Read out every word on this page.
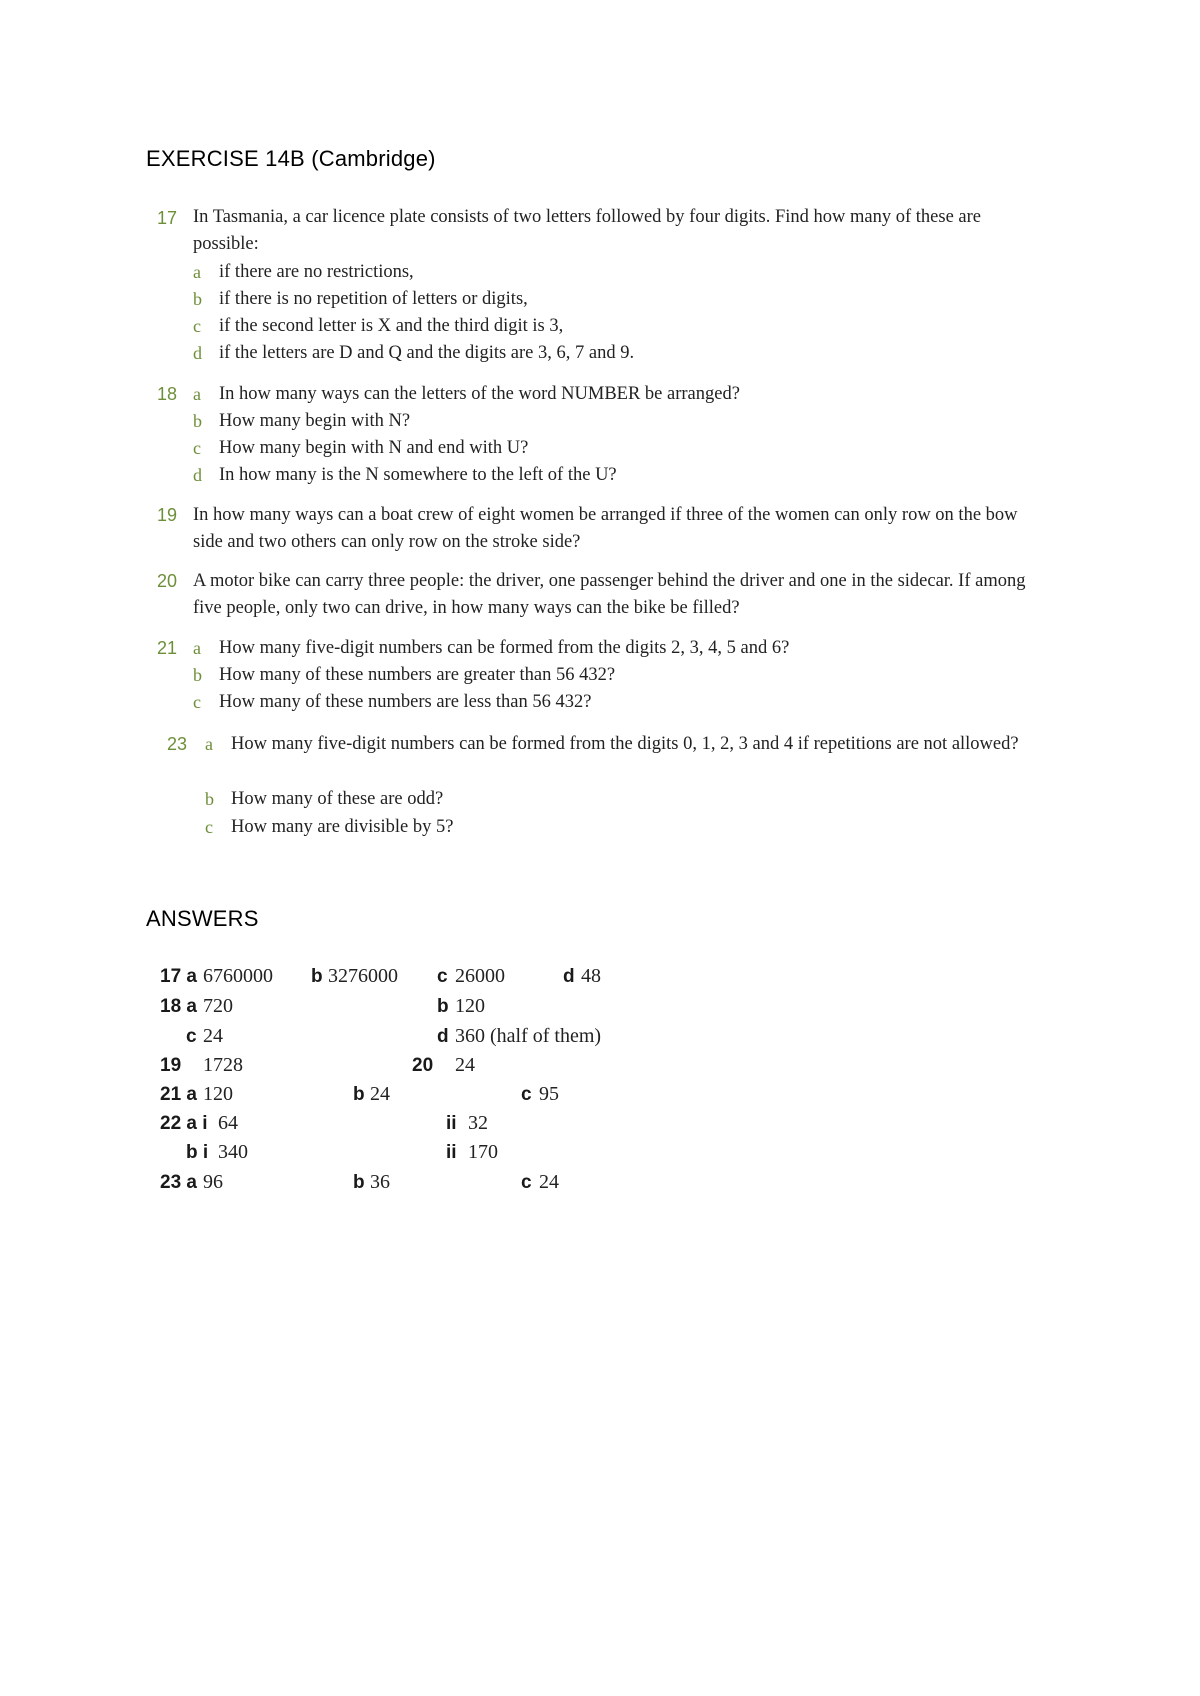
EXERCISE 14B (Cambridge)
17 In Tasmania, a car licence plate consists of two letters followed by four digits. Find how many of these are possible:
a if there are no restrictions,
b if there is no repetition of letters or digits,
c if the second letter is X and the third digit is 3,
d if the letters are D and Q and the digits are 3, 6, 7 and 9.
18 a In how many ways can the letters of the word NUMBER be arranged?
b How many begin with N?
c How many begin with N and end with U?
d In how many is the N somewhere to the left of the U?
19 In how many ways can a boat crew of eight women be arranged if three of the women can only row on the bow side and two others can only row on the stroke side?
20 A motor bike can carry three people: the driver, one passenger behind the driver and one in the sidecar. If among five people, only two can drive, in how many ways can the bike be filled?
21 a How many five-digit numbers can be formed from the digits 2, 3, 4, 5 and 6?
b How many of these numbers are greater than 56 432?
c How many of these numbers are less than 56 432?
23 a How many five-digit numbers can be formed from the digits 0, 1, 2, 3 and 4 if repetitions are not allowed?
b How many of these are odd?
c How many are divisible by 5?
ANSWERS
17 a 6760000 b 3276000 c 26000	d 48
18 a 720	b 120
c 24	d 360 (half of them)
19 1728	20 24
21 a 120	b 24	c 95
22 a i 64	ii 32
b i 340	ii 170
23 a 96	b 36	c 24
